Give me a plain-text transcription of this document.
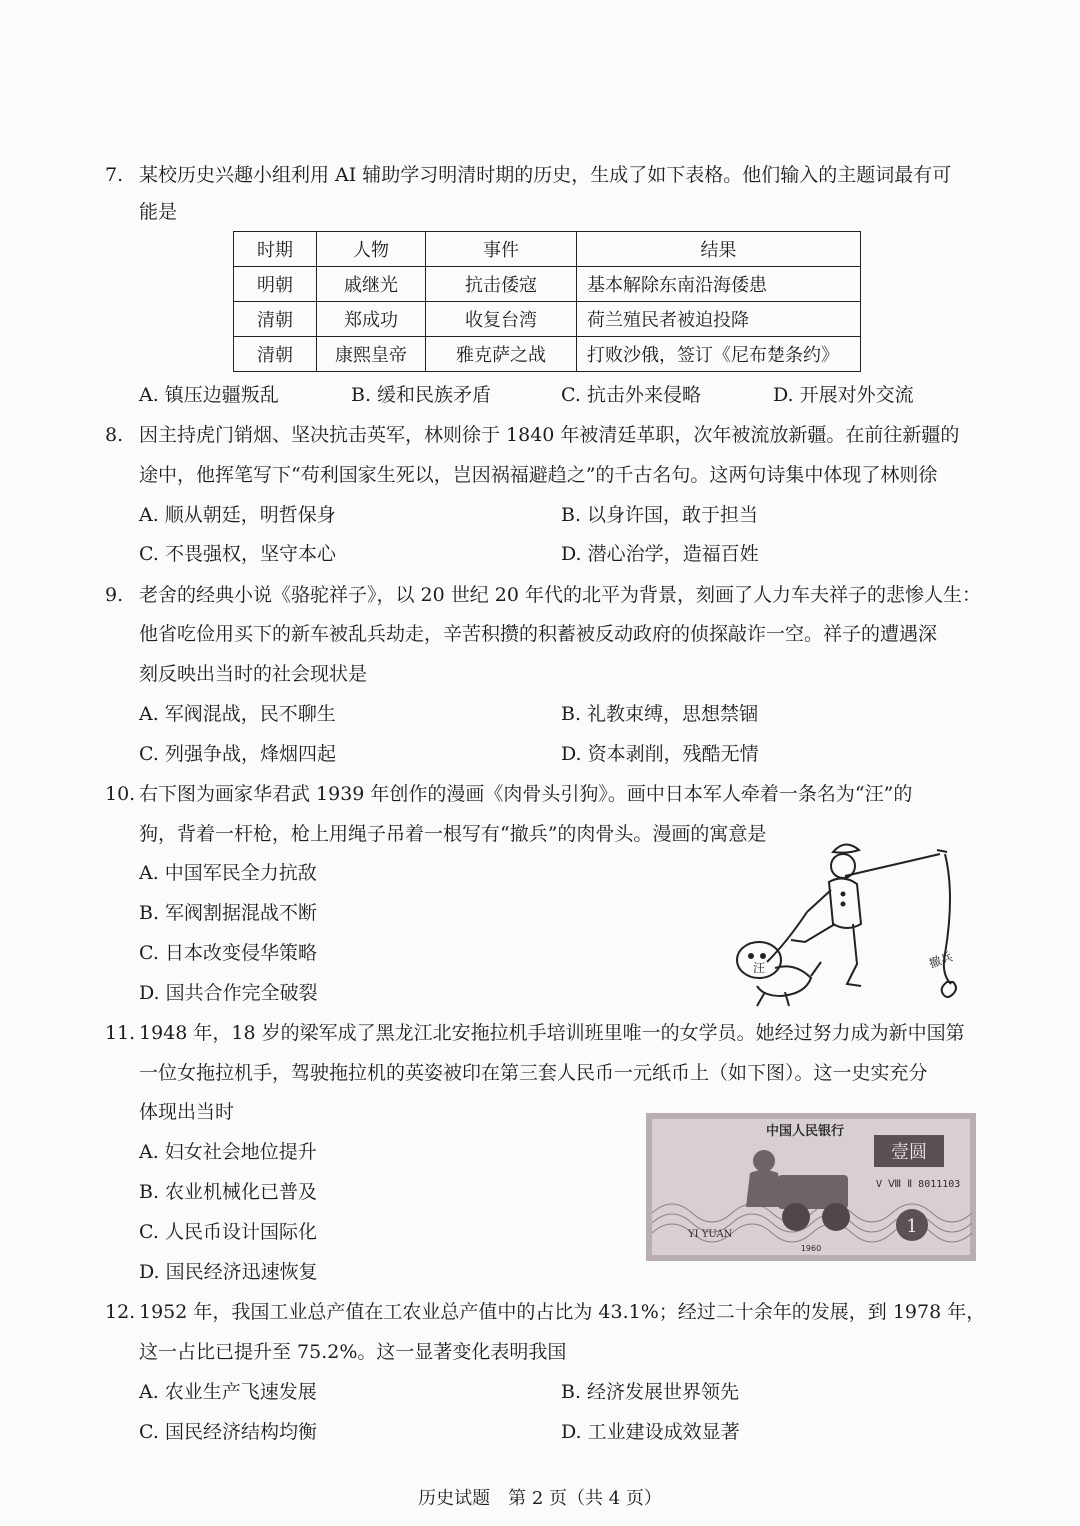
7. 某校历史兴趣小组利用 AI 辅助学习明清时期的历史，生成了如下表格。他们输入的主题词最有可
能是
时期	人物	事件	结果
明朝	戚继光	抗击倭寇	基本解除东南沿海倭患
清朝	郑成功	收复台湾	荷兰殖民者被迫投降
清朝	康熙皇帝	雅克萨之战	打败沙俄，签订《尼布楚条约》
A. 镇压边疆叛乱	B. 缓和民族矛盾	C. 抗击外来侵略	D. 开展对外交流
8. 因主持虎门销烟、坚决抗击英军，林则徐于 1840 年被清廷革职，次年被流放新疆。在前往新疆的
途中，他挥笔写下“苟利国家生死以，岂因祸福避趋之”的千古名句。这两句诗集中体现了林则徐
A. 顺从朝廷，明哲保身	B. 以身许国，敢于担当
C. 不畏强权，坚守本心	D. 潜心治学，造福百姓
9. 老舍的经典小说《骆驼祥子》，以 20 世纪 20 年代的北平为背景，刻画了人力车夫祥子的悲惨人生：
他省吃俭用买下的新车被乱兵劫走，辛苦积攒的积蓄被反动政府的侦探敲诈一空。祥子的遭遇深
刻反映出当时的社会现状是
A. 军阀混战，民不聊生	B. 礼教束缚，思想禁锢
C. 列强争战，烽烟四起	D. 资本剥削，残酷无情
10. 右下图为画家华君武 1939 年创作的漫画《肉骨头引狗》。画中日本军人牵着一条名为“汪”的
狗，背着一杆枪，枪上用绳子吊着一根写有“撤兵”的肉骨头。漫画的寓意是
A. 中国军民全力抗敌
B. 军阀割据混战不断
C. 日本改变侵华策略
D. 国共合作完全破裂
汪	撤兵
11. 1948 年，18 岁的梁军成了黑龙江北安拖拉机手培训班里唯一的女学员。她经过努力成为新中国第
一位女拖拉机手，驾驶拖拉机的英姿被印在第三套人民币一元纸币上（如下图）。这一史实充分
体现出当时
A. 妇女社会地位提升
B. 农业机械化已普及
C. 人民币设计国际化
D. 国民经济迅速恢复
中国人民银行
壹圆
V Ⅷ Ⅱ 8011103
YI YUAN	1
1960
12. 1952 年，我国工业总产值在工农业总产值中的占比为 43.1%；经过二十余年的发展，到 1978 年，
这一占比已提升至 75.2%。这一显著变化表明我国
A. 农业生产飞速发展	B. 经济发展世界领先
C. 国民经济结构均衡	D. 工业建设成效显著
历史试题　第 2 页（共 4 页）
